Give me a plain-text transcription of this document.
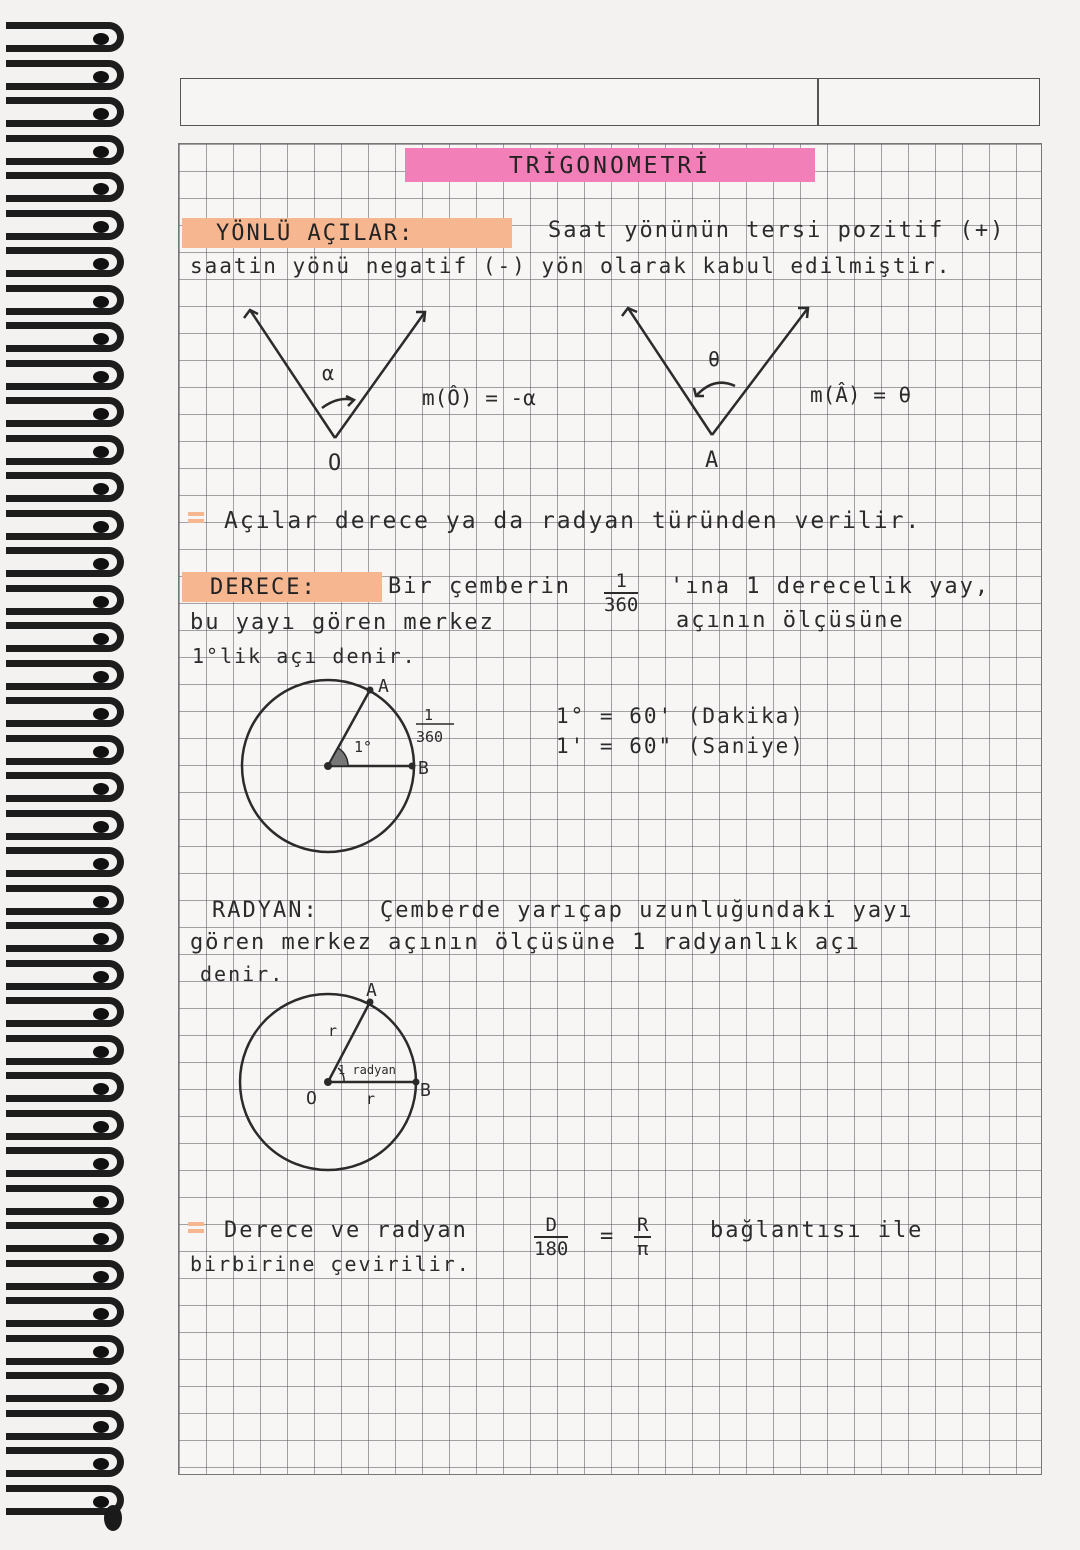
TRİGONOMETRİ
YÖNLÜ AÇILAR:	Saat yönünün tersi pozitif (+)
saatin yönü negatif (-) yön olarak kabul edilmiştir.
α
O
m(Ô) = -α
θ
A
m(Â) = θ
Açılar derece ya da radyan türünden verilir.
DERECE:	Bir çemberin $\frac{1}{360}$ 'ına 1 derecelik yay,
bu yayı gören merkez	açının ölçüsüne
1°lik açı denir.
A
B
1°
1
360
1° = 60' (Dakika)
1' = 60" (Saniye)
RADYAN:	Çemberde yarıçap uzunluğundaki yayı
gören merkez açının ölçüsüne 1 radyanlık açı
denir.
A
B
O
r
r
1 radyan
Derece ve radyan	$\frac{D}{180} = \frac{R}{\pi}$	bağlantısı ile
birbirine çevirilir.
